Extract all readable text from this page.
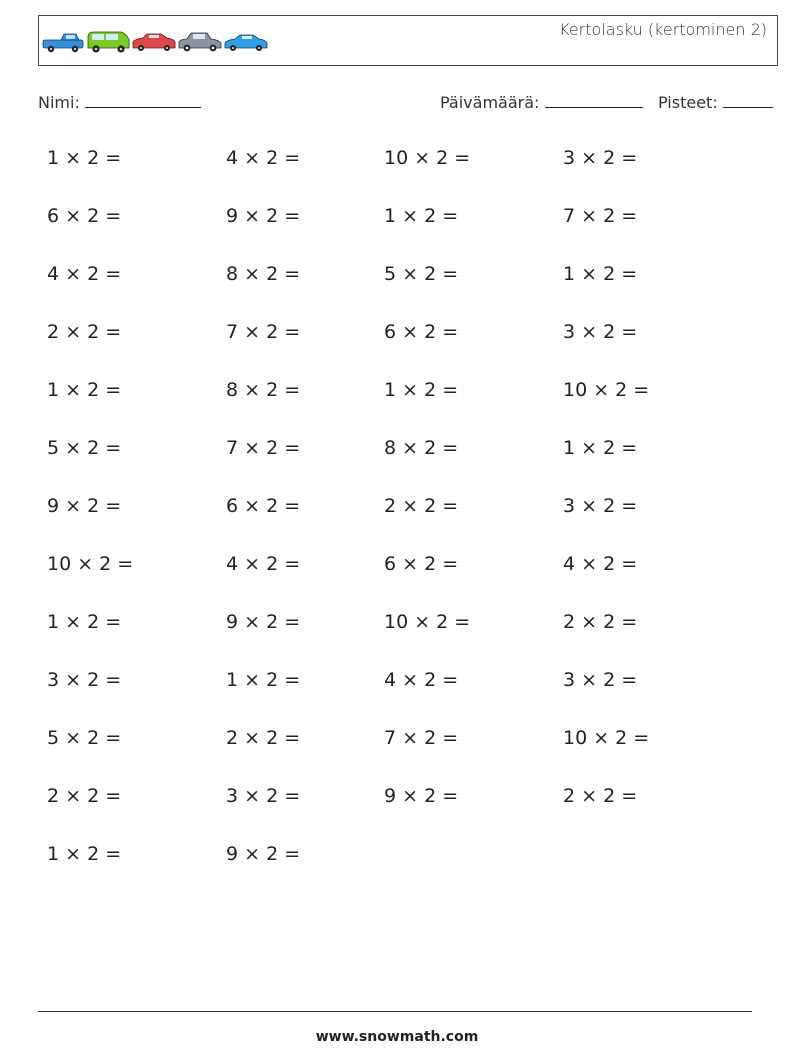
Kertolasku (kertominen 2)
Nimi:	Päivämäärä:	Pisteet:
1 × 2 =	4 × 2 =	10 × 2 =	3 × 2 =
6 × 2 =	9 × 2 =	1 × 2 =	7 × 2 =
4 × 2 =	8 × 2 =	5 × 2 =	1 × 2 =
2 × 2 =	7 × 2 =	6 × 2 =	3 × 2 =
1 × 2 =	8 × 2 =	1 × 2 =	10 × 2 =
5 × 2 =	7 × 2 =	8 × 2 =	1 × 2 =
9 × 2 =	6 × 2 =	2 × 2 =	3 × 2 =
10 × 2 =	4 × 2 =	6 × 2 =	4 × 2 =
1 × 2 =	9 × 2 =	10 × 2 =	2 × 2 =
3 × 2 =	1 × 2 =	4 × 2 =	3 × 2 =
5 × 2 =	2 × 2 =	7 × 2 =	10 × 2 =
2 × 2 =	3 × 2 =	9 × 2 =	2 × 2 =
1 × 2 =	9 × 2 =
www.snowmath.com
